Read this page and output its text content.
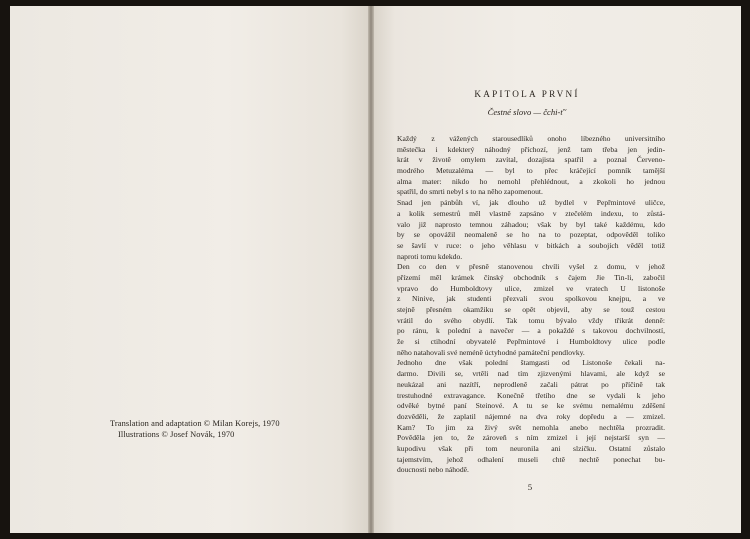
Translation and adaptation © Milan Korejs, 1970
Illustrations © Josef Novák, 1970
KAPITOLA PRVNÍ
Čestné slovo — čchi-ťˇ
Každý z vážených starousedlíků onoho líbezného universitního
městečka i kdekterý náhodný příchozí, jenž tam třeba jen jedin-
krát v životě omylem zavítal, dozajista spatřil a poznal Červeno-
modrého Metuzaléma — byl to přec kráčející pomník tamější
alma mater: nikdo ho nemohl přehlédnout, a zkokoli ho jednou
spatřil, do smrti nebyl s to na něho zapomenout.
Snad jen pánbůh ví, jak dlouho už bydlel v Pepřmintové uličce,
a kolik semestrů měl vlastně zapsáno v ztečelém indexu, to zůstá-
valo již naprosto temnou záhadou; však by byl také každému, kdo
by se opovážil neomaleně se ho na to pozeptat, odpověděl toliko
se šavlí v ruce: o jeho věhlasu v bitkách a soubojích věděl totiž
naproti tomu kdekdo.
Den co den v přesně stanovenou chvíli vyšel z domu, v jehož
přízemí měl krámek čínský obchodník s čajem Jie Tin-li, zabočil
vpravo do Humboldtovy ulice, zmizel ve vratech U listonoše
z Ninive, jak studenti přezvali svou spolkovou knejpu, a ve
stejně přesném okamžiku se opět objevil, aby se touž cestou
vrátil do svého obydlí. Tak tomu bývalo vždy třikrát denně:
po ránu, k polední a navečer — a pokaždé s takovou dochvilností,
že si ctihodní obyvatelé Pepřmintové i Humboldtovy ulice podle
něho natahovali své neméně úctyhodné památeční pendlovky.
Jednoho dne však polední štamgasti od Listonoše čekali na-
darmo. Divili se, vrtěli nad tím zjizvenými hlavami, ale když se
neukázal ani nazítří, neprodleně začali pátrat po příčině tak
trestuhodné extravagance. Konečně třetího dne se vydali k jeho
odvěké bytné paní Steinové. A tu se ke svému nemalému zděšení
dozvěděli, že zaplatil nájemné na dva roky dopředu a — zmizel.
Kam? To jim za živý svět nemohla anebo nechtěla prozradit.
Pověděla jen to, že zároveň s ním zmizel i její nejstarší syn —
kupodivu však při tom neuronila ani slzičku. Ostatní zůstalo
tajemstvím, jehož odhalení museli chtě nechtě ponechat bu-
doucnosti nebo náhodě.
5
